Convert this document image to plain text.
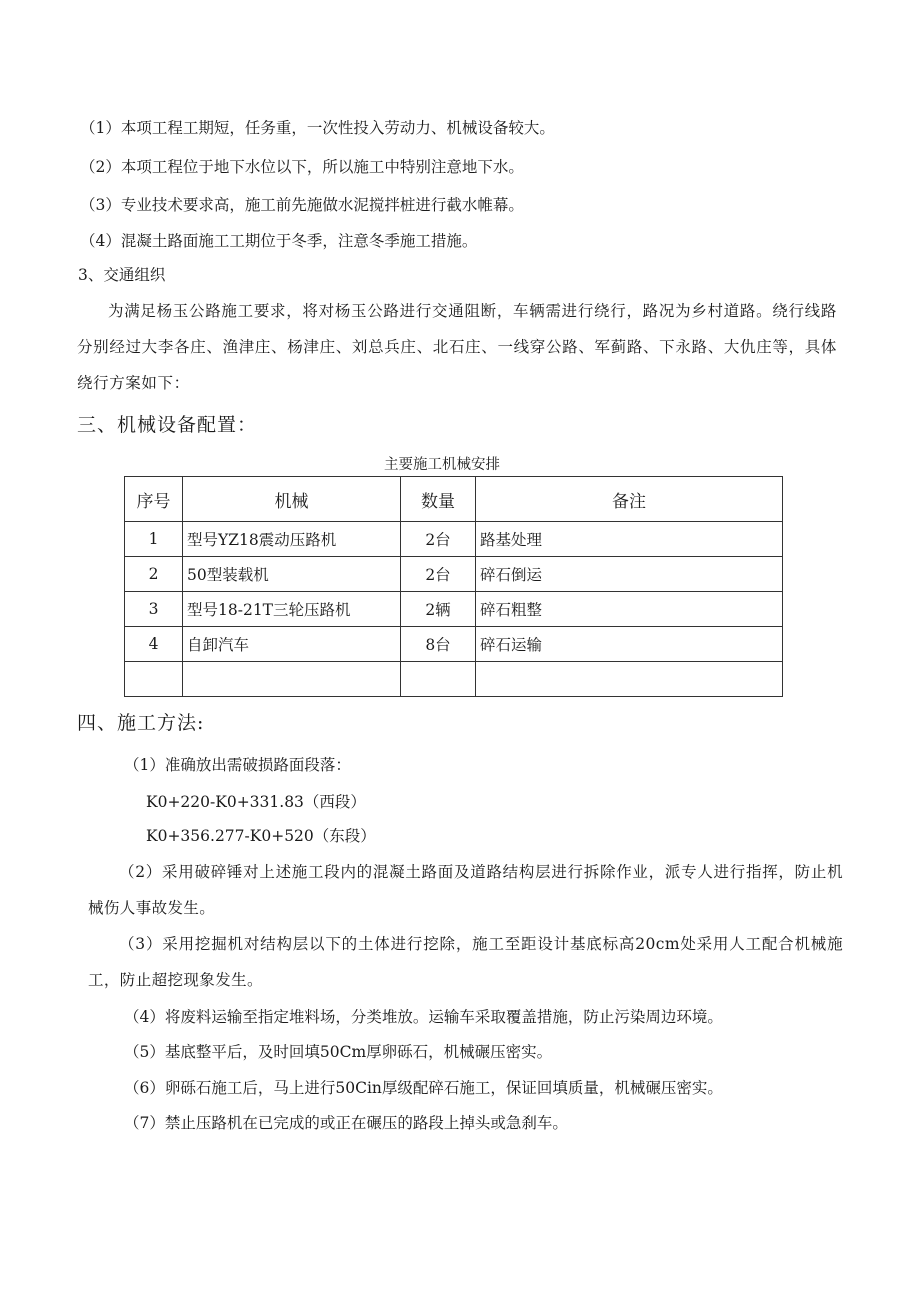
（1）本项工程工期短，任务重，一次性投入劳动力、机械设备较大。
（2）本项工程位于地下水位以下，所以施工中特别注意地下水。
（3）专业技术要求高，施工前先施做水泥搅拌桩进行截水帷幕。
（4）混凝土路面施工工期位于冬季，注意冬季施工措施。
3、交通组织
为满足杨玉公路施工要求，将对杨玉公路进行交通阻断，车辆需进行绕行，路况为乡村道路。绕行线路分别经过大李各庄、渔津庄、杨津庄、刘总兵庄、北石庄、一线穿公路、军蓟路、下永路、大仇庄等，具体绕行方案如下：
三、机械设备配置：
主要施工机械安排
序号	机械	数量	备注
1	型号YZ18震动压路机	2台	路基处理
2	50型装载机	2台	碎石倒运
3	型号18-21T三轮压路机	2辆	碎石粗整
4	自卸汽车	8台	碎石运输

四、施工方法:
（1）准确放出需破损路面段落：
K0+220-K0+331.83（西段）
K0+356.277-K0+520（东段）
（2）采用破碎锤对上述施工段内的混凝土路面及道路结构层进行拆除作业，派专人进行指挥，防止机械伤人事故发生。
（3）采用挖掘机对结构层以下的土体进行挖除，施工至距设计基底标高20cm处采用人工配合机械施工，防止超挖现象发生。
（4）将废料运输至指定堆料场，分类堆放。运输车采取覆盖措施，防止污染周边环境。
（5）基底整平后，及时回填50Cm厚卵砾石，机械碾压密实。
（6）卵砾石施工后，马上进行50Cin厚级配碎石施工，保证回填质量，机械碾压密实。
（7）禁止压路机在已完成的或正在碾压的路段上掉头或急刹车。
